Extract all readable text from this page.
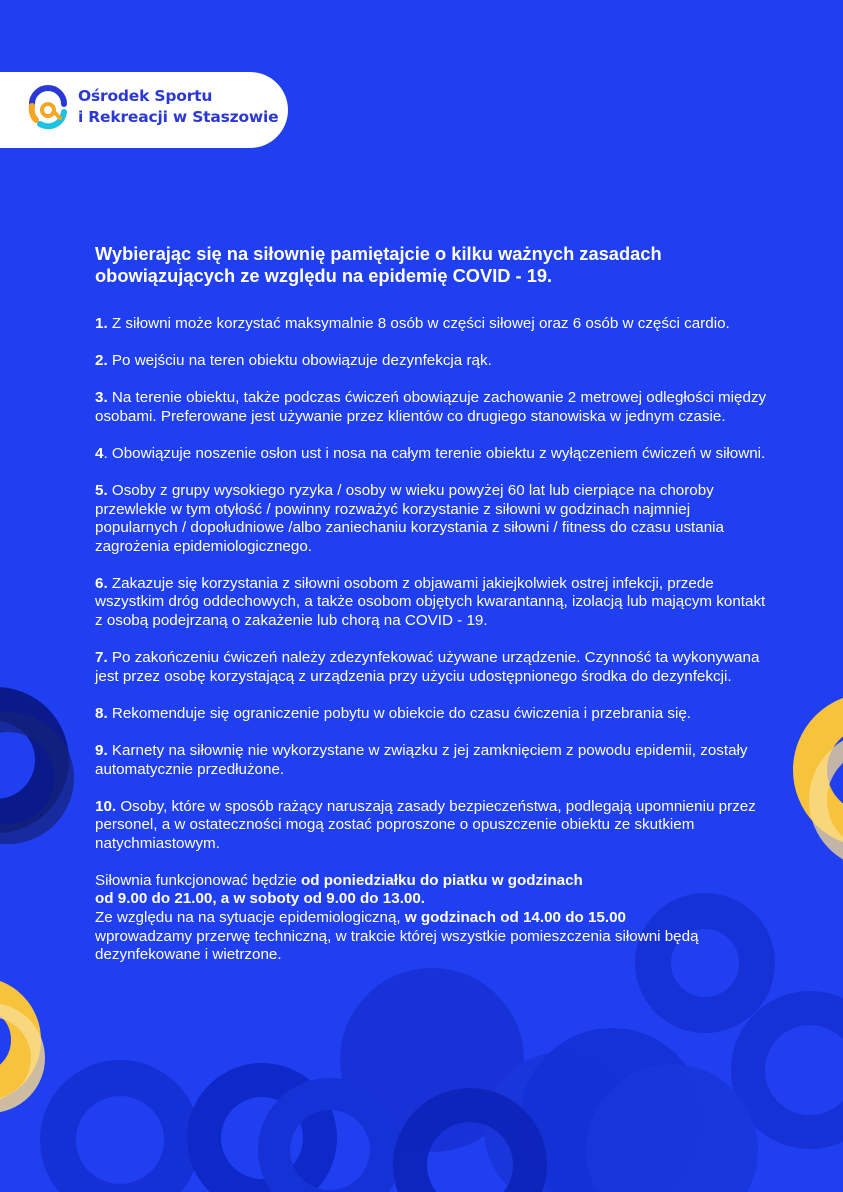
Ośrodek Sportu
i Rekreacji w Staszowie
Wybierając się na siłownię pamiętajcie o kilku ważnych zasadach obowiązujących ze względu na epidemię COVID - 19.
1. Z siłowni może korzystać maksymalnie 8 osób w części siłowej oraz 6 osób w części cardio.
2. Po wejściu na teren obiektu obowiązuje dezynfekcja rąk.
3. Na terenie obiektu, także podczas ćwiczeń obowiązuje zachowanie 2 metrowej odległości między osobami. Preferowane jest używanie przez klientów co drugiego stanowiska w jednym czasie.
4. Obowiązuje noszenie osłon ust i nosa na całym terenie obiektu z wyłączeniem ćwiczeń w siłowni.
5. Osoby z grupy wysokiego ryzyka / osoby w wieku powyżej 60 lat lub cierpiące na choroby przewlekłe w tym otyłość / powinny rozważyć korzystanie z siłowni w godzinach najmniej popularnych / dopołudniowe /albo zaniechaniu korzystania z siłowni / fitness do czasu ustania zagrożenia epidemiologicznego.
6. Zakazuje się korzystania z siłowni osobom z objawami jakiejkolwiek ostrej infekcji, przede wszystkim dróg oddechowych, a także osobom objętych kwarantanną, izolacją lub mającym kontakt z osobą podejrzaną o zakażenie lub chorą na COVID - 19.
7. Po zakończeniu ćwiczeń należy zdezynfekować używane urządzenie. Czynność ta wykonywana jest przez osobę korzystającą z urządzenia przy użyciu udostępnionego środka do dezynfekcji.
8. Rekomenduje się ograniczenie pobytu w obiekcie do czasu ćwiczenia i przebrania się.
9. Karnety na siłownię nie wykorzystane w związku z jej zamknięciem z powodu epidemii, zostały automatycznie przedłużone.
10. Osoby, które w sposób rażący naruszają zasady bezpieczeństwa, podlegają upomnieniu przez personel, a w ostateczności mogą zostać poproszone o opuszczenie obiektu ze skutkiem natychmiastowym.
Siłownia funkcjonować będzie od poniedziałku do piatku w godzinach
od 9.00 do 21.00, a w soboty od 9.00 do 13.00.
Ze względu na na sytuacje epidemiologiczną, w godzinach od 14.00 do 15.00
wprowadzamy przerwę techniczną, w trakcie której wszystkie pomieszczenia siłowni będą dezynfekowane i wietrzone.
